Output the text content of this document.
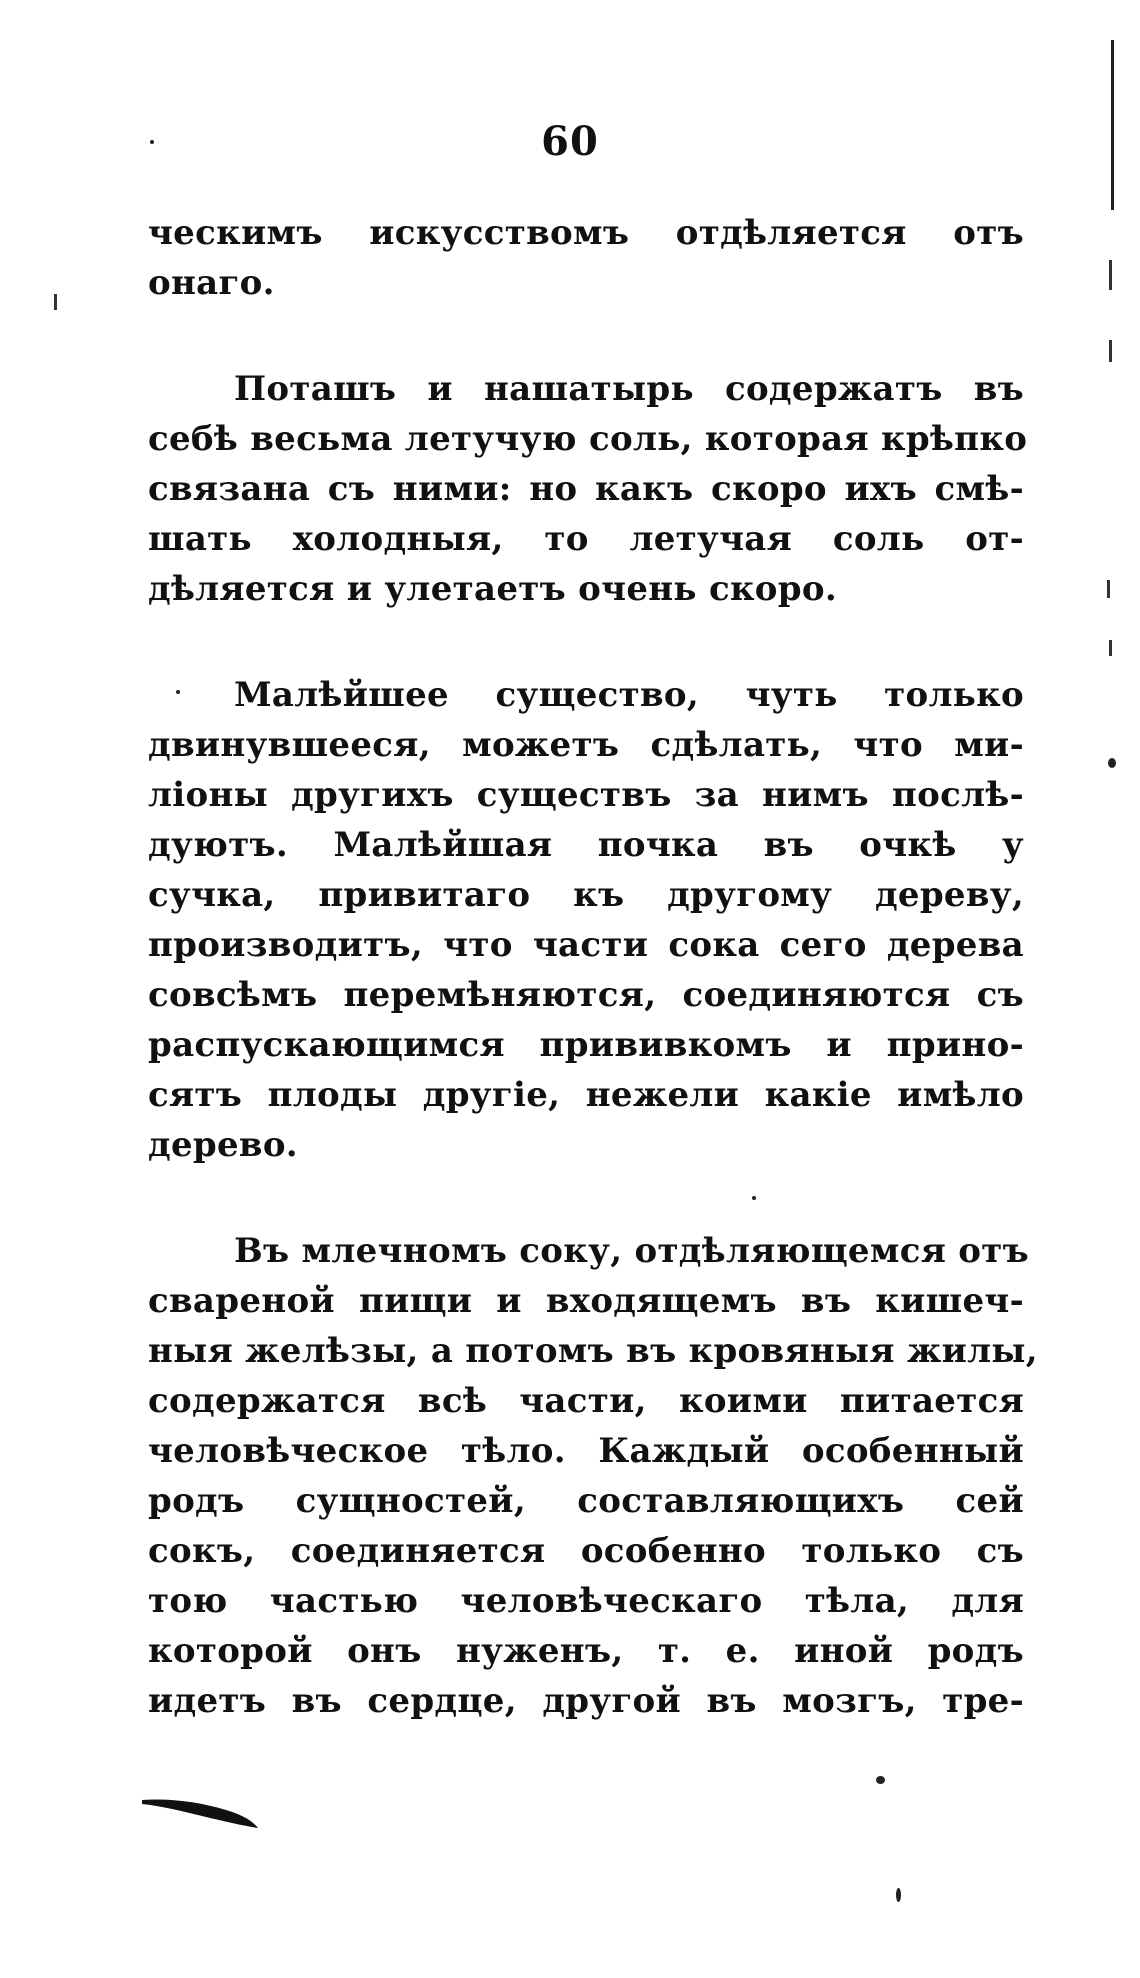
60
ческимъ искусствомъ отдѣляется отъ
онаго.
Поташъ и нашатырь содержатъ въ
себѣ весьма летучую соль, которая крѣпко
связана съ ними: но какъ скоро ихъ смѣ-
шать холодныя, то летучая соль от-
дѣляется и улетаетъ очень скоро.
Малѣйшее существо, чуть только
двинувшееся, можетъ сдѣлать, что ми-
ліоны другихъ существъ за нимъ послѣ-
дуютъ. Малѣйшая почка въ очкѣ у
сучка, привитаго къ другому дереву,
производитъ, что части сока сего дерева
совсѣмъ перемѣняются, соединяются съ
распускающимся прививкомъ и прино-
сятъ плоды другіе, нежели какіе имѣло
дерево.
Въ млечномъ соку, отдѣляющемся отъ
свареной пищи и входящемъ въ кишеч-
ныя желѣзы, а потомъ въ кровяныя жилы,
содержатся всѣ части, коими питается
человѣческое тѣло. Каждый особенный
родъ сущностей, составляющихъ сей
сокъ, соединяется особенно только съ
тою частью человѣческаго тѣла, для
которой онъ нуженъ, т. е. иной родъ
идетъ въ сердце, другой въ мозгъ, тре-
